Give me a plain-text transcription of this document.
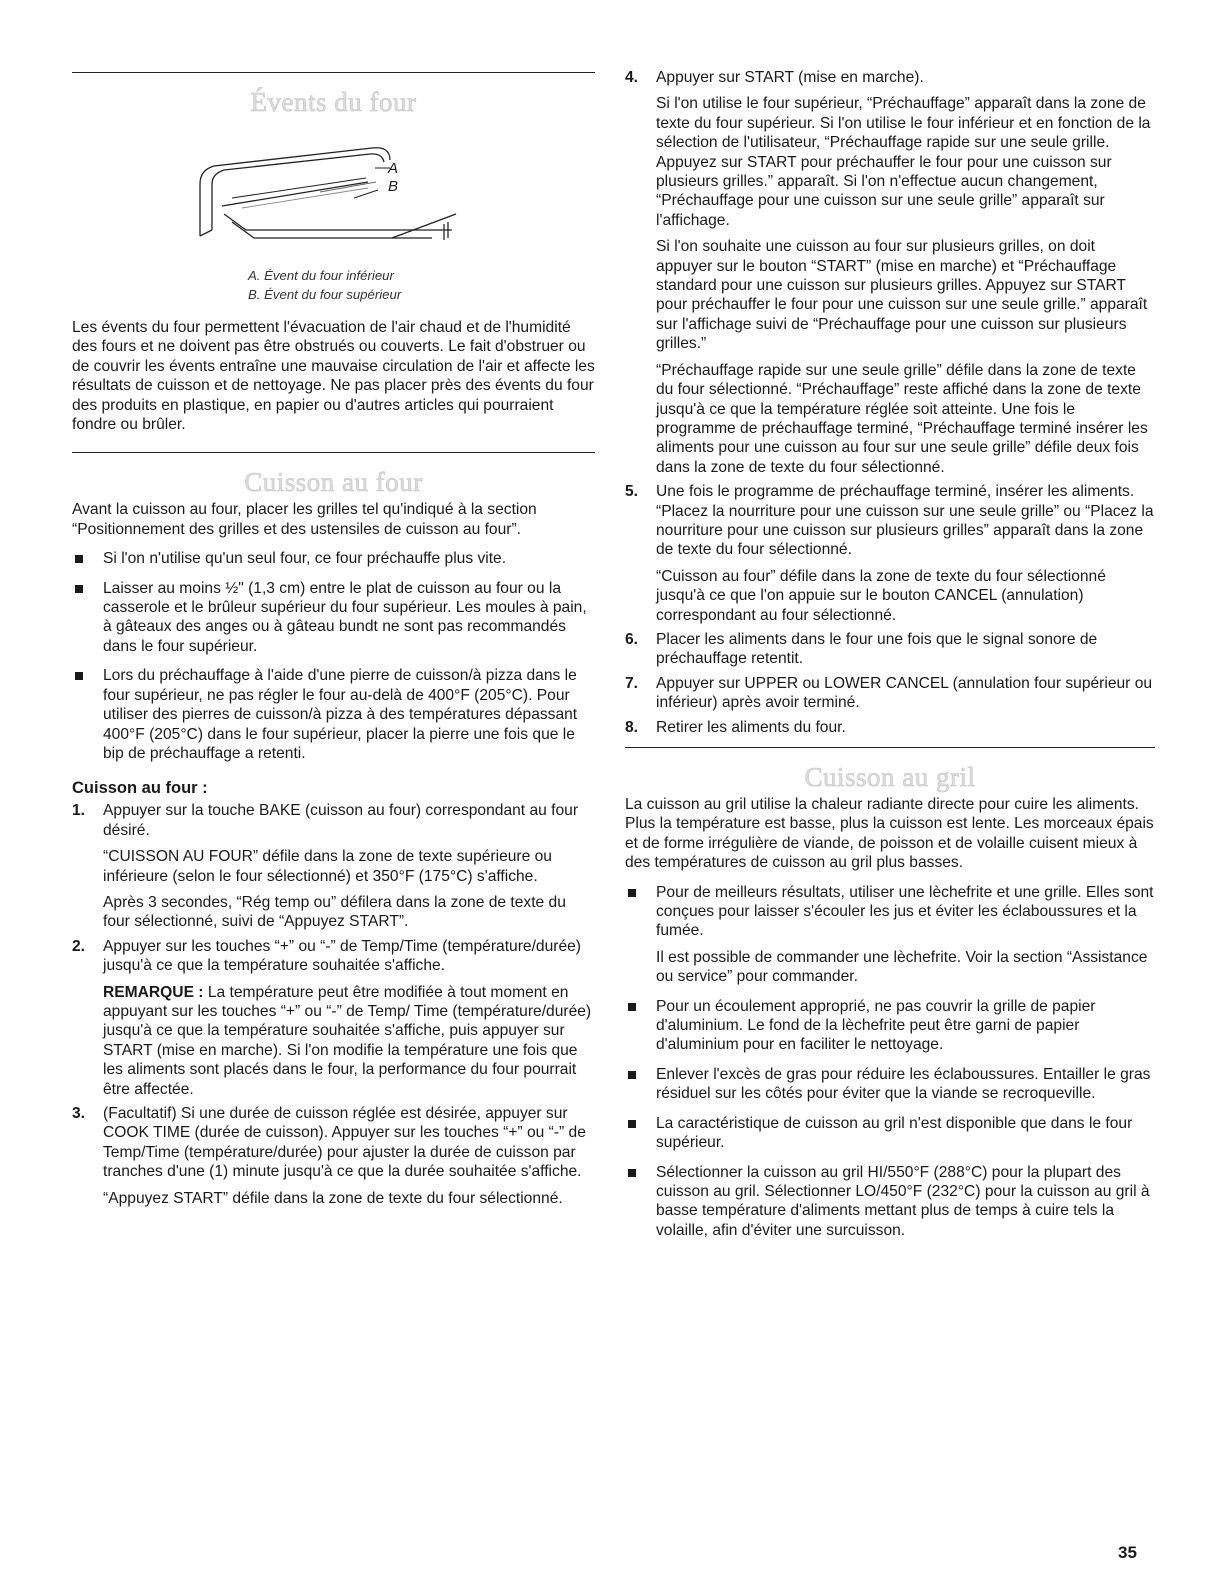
Évents du four
A
B
A. Évent du four inférieur
B. Évent du four supérieur

Les évents du four permettent l'évacuation de l'air chaud et de l'humidité des fours et ne doivent pas être obstrués ou couverts. Le fait d'obstruer ou de couvrir les évents entraîne une mauvaise circulation de l'air et affecte les résultats de cuisson et de nettoyage. Ne pas placer près des évents du four des produits en plastique, en papier ou d'autres articles qui pourraient fondre ou brûler.

Cuisson au four

Avant la cuisson au four, placer les grilles tel qu'indiqué à la section “Positionnement des grilles et des ustensiles de cuisson au four”.

Si l'on n'utilise qu'un seul four, ce four préchauffe plus vite.

Laisser au moins ½" (1,3 cm) entre le plat de cuisson au four ou la casserole et le brûleur supérieur du four supérieur. Les moules à pain, à gâteaux des anges ou à gâteau bundt ne sont pas recommandés dans le four supérieur.

Lors du préchauffage à l'aide d'une pierre de cuisson/à pizza dans le four supérieur, ne pas régler le four au-delà de 400°F (205°C). Pour utiliser des pierres de cuisson/à pizza à des températures dépassant 400°F (205°C) dans le four supérieur, placer la pierre une fois que le bip de préchauffage a retenti.

Cuisson au four :
1. Appuyer sur la touche BAKE (cuisson au four) correspondant au four désiré.

“CUISSON AU FOUR” défile dans la zone de texte supérieure ou inférieure (selon le four sélectionné) et 350°F (175°C) s'affiche.

Après 3 secondes, “Rég temp ou” défilera dans la zone de texte du four sélectionné, suivi de “Appuyez START”.

2. Appuyer sur les touches “+” ou “-” de Temp/Time (température/durée) jusqu'à ce que la température souhaitée s'affiche.

REMARQUE : La température peut être modifiée à tout moment en appuyant sur les touches “+” ou “-” de Temp/ Time (température/durée) jusqu'à ce que la température souhaitée s'affiche, puis appuyer sur START (mise en marche). Si l'on modifie la température une fois que les aliments sont placés dans le four, la performance du four pourrait être affectée.

3. (Facultatif) Si une durée de cuisson réglée est désirée, appuyer sur COOK TIME (durée de cuisson). Appuyer sur les touches “+” ou “-” de Temp/Time (température/durée) pour ajuster la durée de cuisson par tranches d'une (1) minute jusqu'à ce que la durée souhaitée s'affiche.

“Appuyez START” défile dans la zone de texte du four sélectionné.

4. Appuyer sur START (mise en marche).

Si l'on utilise le four supérieur, “Préchauffage” apparaît dans la zone de texte du four supérieur. Si l'on utilise le four inférieur et en fonction de la sélection de l'utilisateur, “Préchauffage rapide sur une seule grille. Appuyez sur START pour préchauffer le four pour une cuisson sur plusieurs grilles.” apparaît. Si l'on n'effectue aucun changement, “Préchauffage pour une cuisson sur une seule grille” apparaît sur l'affichage.

Si l'on souhaite une cuisson au four sur plusieurs grilles, on doit appuyer sur le bouton “START” (mise en marche) et “Préchauffage standard pour une cuisson sur plusieurs grilles. Appuyez sur START pour préchauffer le four pour une cuisson sur une seule grille.” apparaît sur l'affichage suivi de “Préchauffage pour une cuisson sur plusieurs grilles.”

“Préchauffage rapide sur une seule grille” défile dans la zone de texte du four sélectionné. “Préchauffage” reste affiché dans la zone de texte jusqu'à ce que la température réglée soit atteinte. Une fois le programme de préchauffage terminé, “Préchauffage terminé insérer les aliments pour une cuisson au four sur une seule grille” défile deux fois dans la zone de texte du four sélectionné.

5. Une fois le programme de préchauffage terminé, insérer les aliments. “Placez la nourriture pour une cuisson sur une seule grille” ou “Placez la nourriture pour une cuisson sur plusieurs grilles” apparaît dans la zone de texte du four sélectionné.

“Cuisson au four” défile dans la zone de texte du four sélectionné jusqu'à ce que l'on appuie sur le bouton CANCEL (annulation) correspondant au four sélectionné.

6. Placer les aliments dans le four une fois que le signal sonore de préchauffage retentit.

7. Appuyer sur UPPER ou LOWER CANCEL (annulation four supérieur ou inférieur) après avoir terminé.

8. Retirer les aliments du four.

Cuisson au gril

La cuisson au gril utilise la chaleur radiante directe pour cuire les aliments. Plus la température est basse, plus la cuisson est lente. Les morceaux épais et de forme irrégulière de viande, de poisson et de volaille cuisent mieux à des températures de cuisson au gril plus basses.

Pour de meilleurs résultats, utiliser une lèchefrite et une grille. Elles sont conçues pour laisser s'écouler les jus et éviter les éclaboussures et la fumée.

Il est possible de commander une lèchefrite. Voir la section “Assistance ou service” pour commander.

Pour un écoulement approprié, ne pas couvrir la grille de papier d'aluminium. Le fond de la lèchefrite peut être garni de papier d'aluminium pour en faciliter le nettoyage.

Enlever l'excès de gras pour réduire les éclaboussures. Entailler le gras résiduel sur les côtés pour éviter que la viande se recroqueville.

La caractéristique de cuisson au gril n'est disponible que dans le four supérieur.

Sélectionner la cuisson au gril HI/550°F (288°C) pour la plupart des cuisson au gril. Sélectionner LO/450°F (232°C) pour la cuisson au gril à basse température d'aliments mettant plus de temps à cuire tels la volaille, afin d'éviter une surcuisson.

35
